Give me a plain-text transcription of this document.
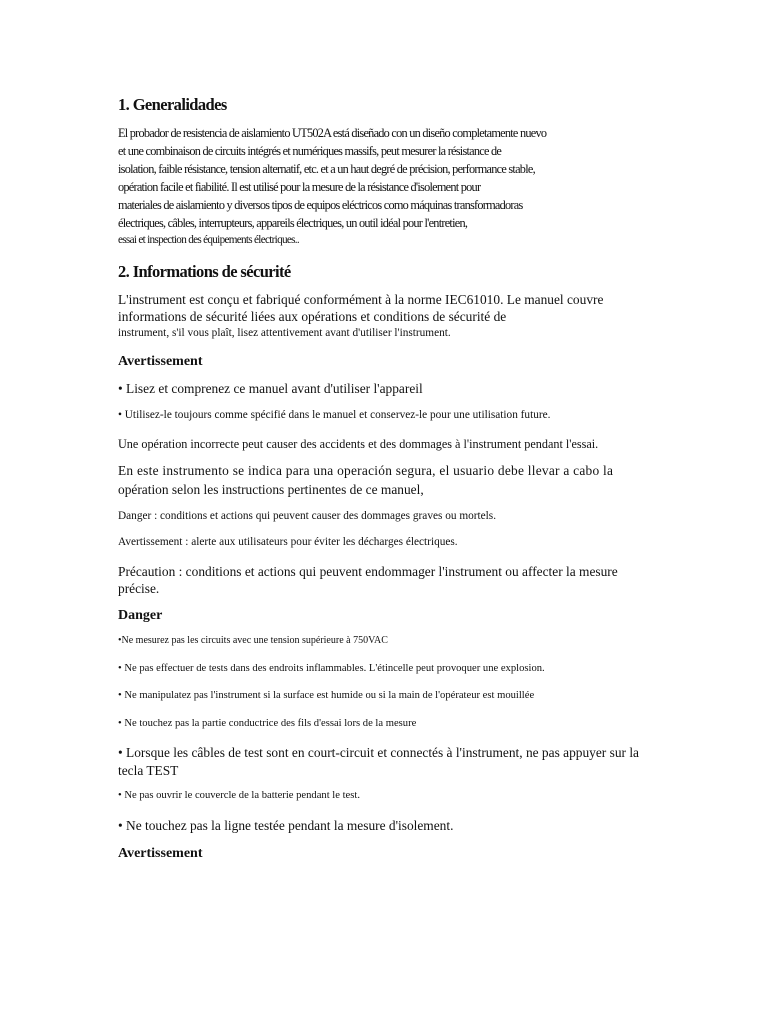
1. Generalidades
El probador de resistencia de aislamiento UT502A está diseñado con un diseño completamente nuevo
et une combinaison de circuits intégrés et numériques massifs, peut mesurer la résistance de
isolation, faible résistance, tension alternatif, etc. et a un haut degré de précision, performance stable,
opération facile et fiabilité. Il est utilisé pour la mesure de la résistance d'isolement pour
materiales de aislamiento y diversos tipos de equipos eléctricos como máquinas transformadoras
électriques, câbles, interrupteurs, appareils électriques, un outil idéal pour l'entretien,
essai et inspection des équipements électriques..
2. Informations de sécurité
L'instrument est conçu et fabriqué conformément à la norme IEC61010. Le manuel couvre
informations de sécurité liées aux opérations et conditions de sécurité de
instrument, s'il vous plaît, lisez attentivement avant d'utiliser l'instrument.
Avertissement
• Lisez et comprenez ce manuel avant d'utiliser l'appareil
• Utilisez-le toujours comme spécifié dans le manuel et conservez-le pour une utilisation future.
Une opération incorrecte peut causer des accidents et des dommages à l'instrument pendant l'essai.
En este instrumento se indica para una operación segura, el usuario debe llevar a cabo la
opération selon les instructions pertinentes de ce manuel,
Danger : conditions et actions qui peuvent causer des dommages graves ou mortels.
Avertissement : alerte aux utilisateurs pour éviter les décharges électriques.
Précaution : conditions et actions qui peuvent endommager l'instrument ou affecter la mesure
précise.
Danger
•Ne mesurez pas les circuits avec une tension supérieure à 750VAC
• Ne pas effectuer de tests dans des endroits inflammables. L'étincelle peut provoquer une explosion.
• Ne manipulatez pas l'instrument si la surface est humide ou si la main de l'opérateur est mouillée
• Ne touchez pas la partie conductrice des fils d'essai lors de la mesure
• Lorsque les câbles de test sont en court-circuit et connectés à l'instrument, ne pas appuyer sur la
tecla TEST
• Ne pas ouvrir le couvercle de la batterie pendant le test.
• Ne touchez pas la ligne testée pendant la mesure d'isolement.
Avertissement
